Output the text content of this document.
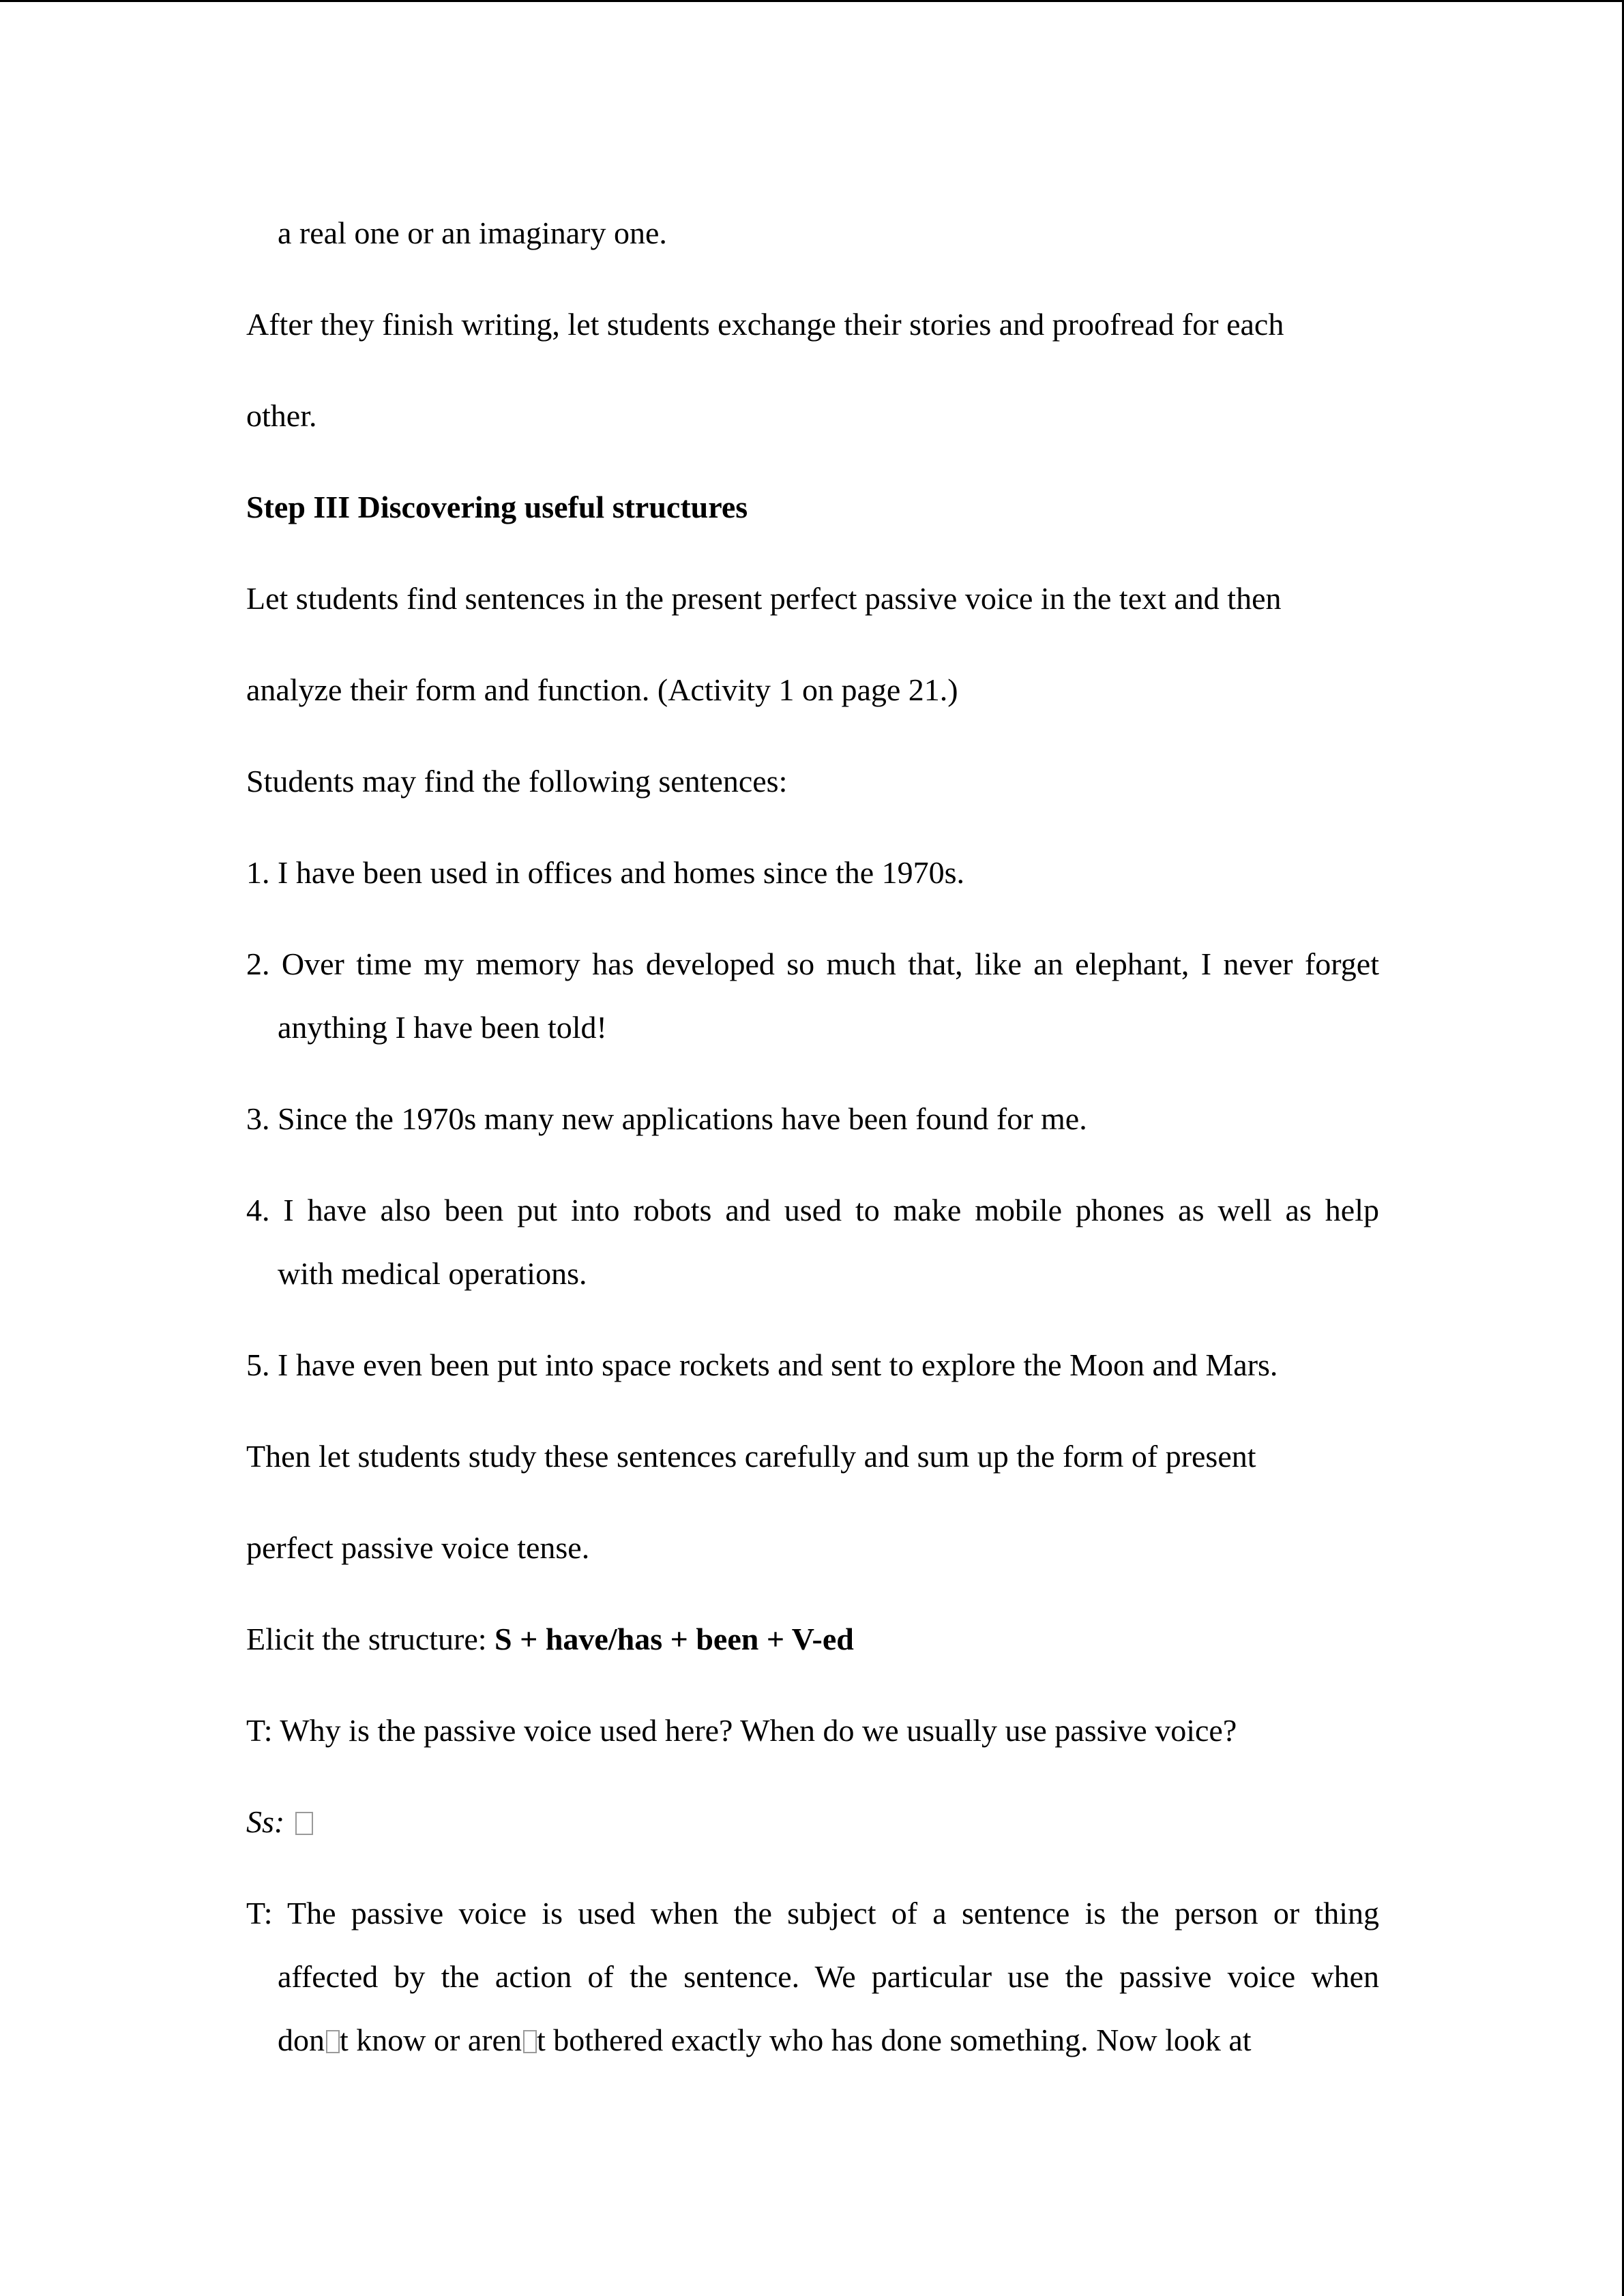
a real one or an imaginary one.

After they finish writing, let students exchange their stories and proofread for each

other.

Step III Discovering useful structures

Let students find sentences in the present perfect passive voice in the text and then

analyze their form and function. (Activity 1 on page 21.)

Students may find the following sentences:

1. I have been used in offices and homes since the 1970s.

2. Over time my memory has developed so much that, like an elephant, I never forget

anything I have been told!

3. Since the 1970s many new applications have been found for me.

4. I have also been put into robots and used to make mobile phones as well as help

with medical operations.

5. I have even been put into space rockets and sent to explore the Moon and Mars.

Then let students study these sentences carefully and sum up the form of present

perfect passive voice tense.

Elicit the structure: S + have/has + been + V-ed

T: Why is the passive voice used here? When do we usually use passive voice?

Ss:

T: The passive voice is used when the subject of a sentence is the person or thing

affected by the action of the sentence. We particular use the passive voice when

don t know or aren t bothered exactly who has done something. Now look at
